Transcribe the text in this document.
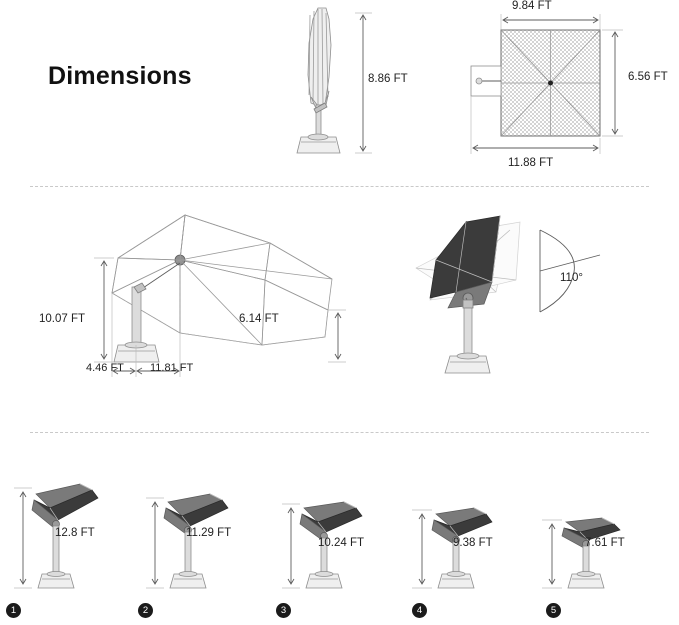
Dimensions	8.86 FT
9.84 FT
6.56 FT
11.88 FT
10.07 FT	6.14 FT
4.46 FT 11.81 FT
110°
12.8 FT
1
11.29 FT
2
10.24 FT
3
9.38 FT
4
7.61 FT
5
